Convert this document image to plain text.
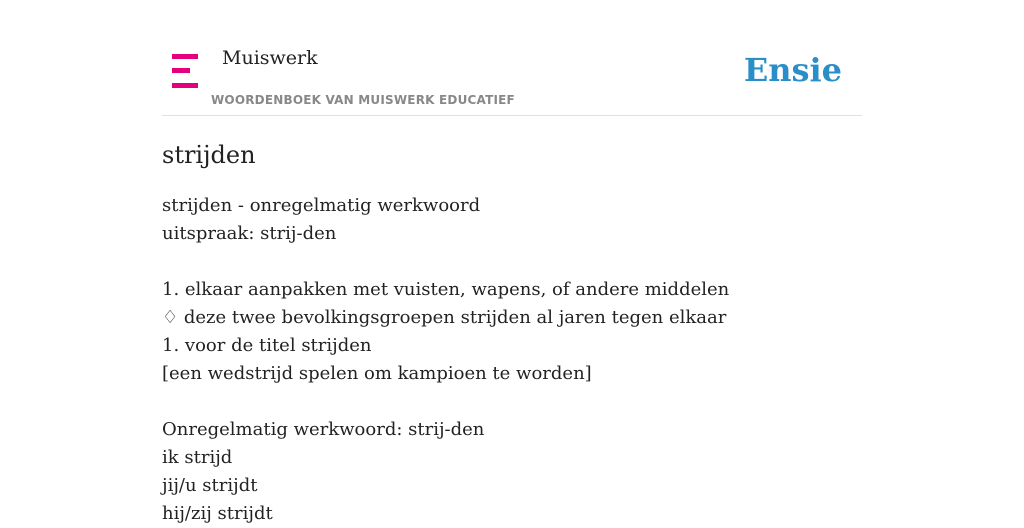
Muiswerk
WOORDENBOEK VAN MUISWERK EDUCATIEF
Ensie
strijden
strijden - onregelmatig werkwoord
uitspraak: strij-den
1. elkaar aanpakken met vuisten, wapens, of andere middelen
♢ deze twee bevolkingsgroepen strijden al jaren tegen elkaar
1. voor de titel strijden
[een wedstrijd spelen om kampioen te worden]
Onregelmatig werkwoord: strij-den
ik strijd
jij/u strijdt
hij/zij strijdt
